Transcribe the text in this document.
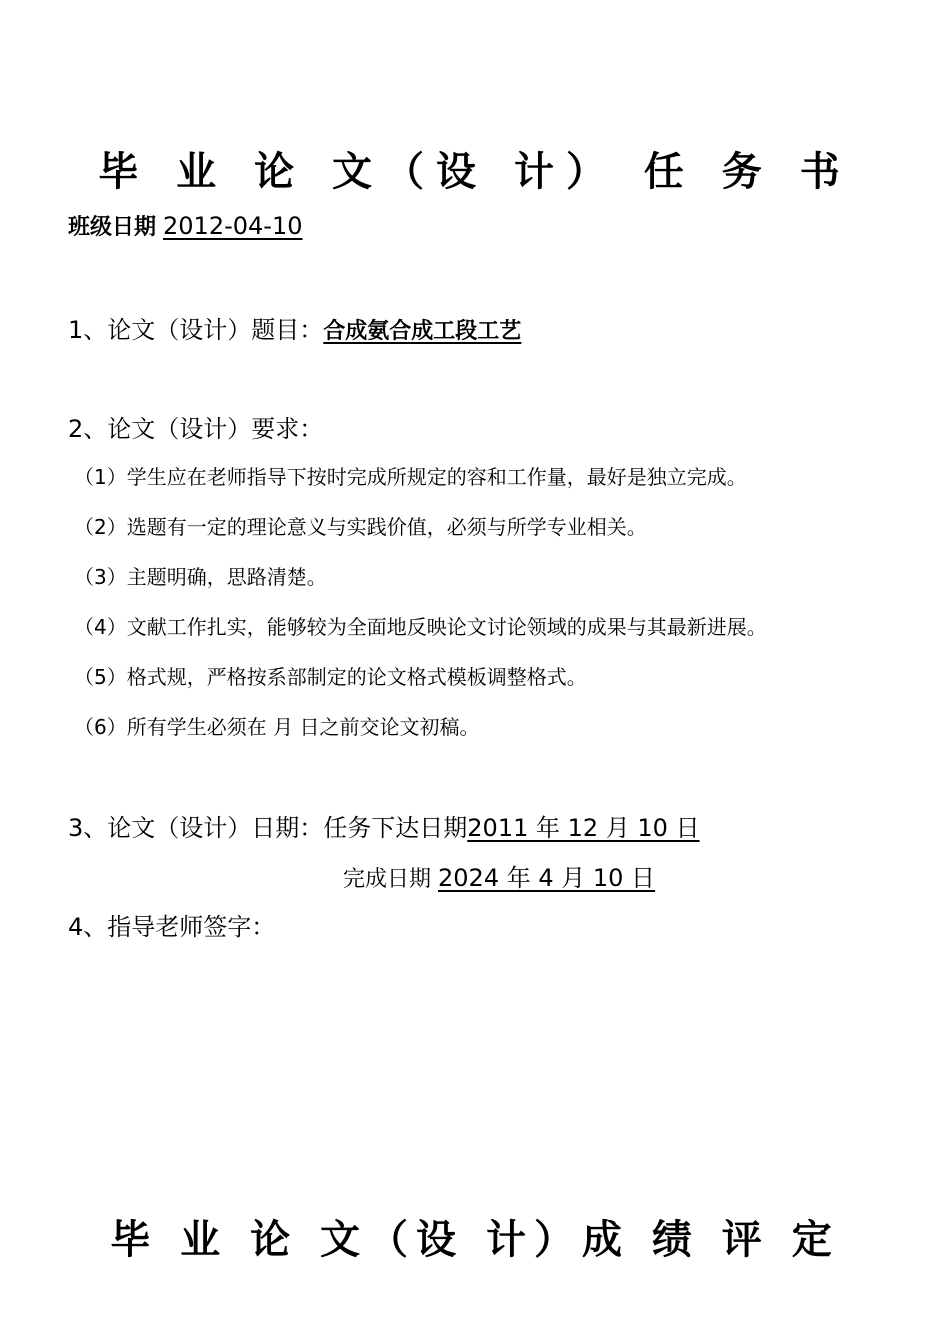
毕 业 论 文（设 计） 任 务 书
班级日期 2012-04-10
1、论文（设计）题目：合成氨合成工段工艺
2、论文（设计）要求：
（1）学生应在老师指导下按时完成所规定的容和工作量，最好是独立完成。
（2）选题有一定的理论意义与实践价值，必须与所学专业相关。
（3）主题明确，思路清楚。
（4）文献工作扎实，能够较为全面地反映论文讨论领域的成果与其最新进展。
（5）格式规，严格按系部制定的论文格式模板调整格式。
（6）所有学生必须在 月 日之前交论文初稿。
3、论文（设计）日期：任务下达日期2011 年 12 月 10 日
完成日期 2024 年 4 月 10 日
4、指导老师签字：
毕 业 论 文（设 计）成 绩 评 定
